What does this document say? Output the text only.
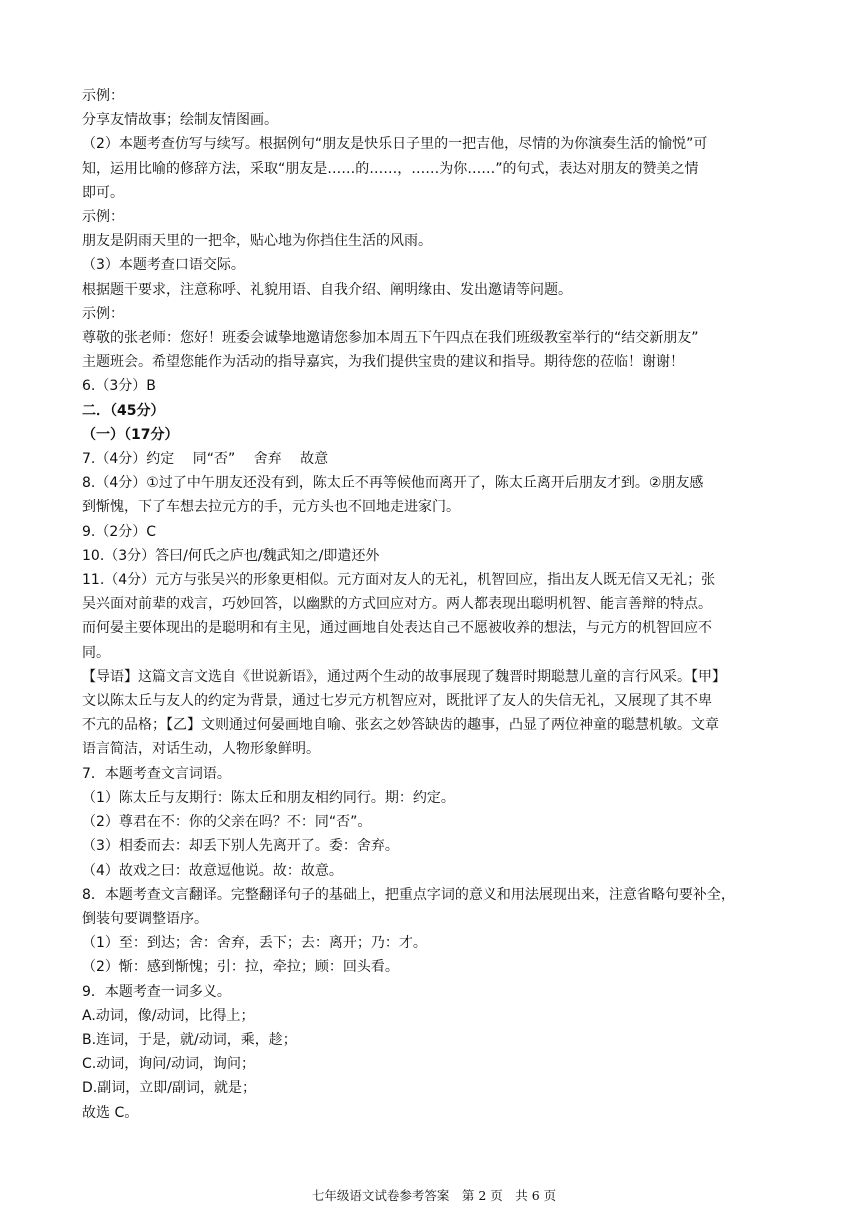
示例：
分享友情故事；绘制友情图画。
（2）本题考查仿写与续写。根据例句“朋友是快乐日子里的一把吉他，尽情的为你演奏生活的愉悦”可
知，运用比喻的修辞方法，采取“朋友是……的……，……为你……”的句式，表达对朋友的赞美之情
即可。
示例：
朋友是阴雨天里的一把伞，贴心地为你挡住生活的风雨。
（3）本题考查口语交际。
根据题干要求，注意称呼、礼貌用语、自我介绍、阐明缘由、发出邀请等问题。
示例：
尊敬的张老师：您好！班委会诚挚地邀请您参加本周五下午四点在我们班级教室举行的“结交新朋友”
主题班会。希望您能作为活动的指导嘉宾，为我们提供宝贵的建议和指导。期待您的莅临！谢谢！
6.（3分）B
二．（45分）
（一）（17分）
7.（4分）约定　 同“否”　 舍弃　 故意
8.（4分）①过了中午朋友还没有到，陈太丘不再等候他而离开了，陈太丘离开后朋友才到。②朋友感
到惭愧，下了车想去拉元方的手，元方头也不回地走进家门。
9.（2分）C
10.（3分）答曰/何氏之庐也/魏武知之/即遣还外
11.（4分）元方与张吴兴的形象更相似。元方面对友人的无礼，机智回应，指出友人既无信又无礼；张
吴兴面对前辈的戏言，巧妙回答，以幽默的方式回应对方。两人都表现出聪明机智、能言善辩的特点。
而何晏主要体现出的是聪明和有主见，通过画地自处表达自己不愿被收养的想法，与元方的机智回应不
同。
【导语】这篇文言文选自《世说新语》，通过两个生动的故事展现了魏晋时期聪慧儿童的言行风采。【甲】
文以陈太丘与友人的约定为背景，通过七岁元方机智应对，既批评了友人的失信无礼，又展现了其不卑
不亢的品格；【乙】文则通过何晏画地自喻、张玄之妙答缺齿的趣事，凸显了两位神童的聪慧机敏。文章
语言简洁，对话生动，人物形象鲜明。
7．本题考查文言词语。
（1）陈太丘与友期行：陈太丘和朋友相约同行。期：约定。
（2）尊君在不：你的父亲在吗？不：同“否”。
（3）相委而去：却丢下别人先离开了。委：舍弃。
（4）故戏之曰：故意逗他说。故：故意。
8．本题考查文言翻译。完整翻译句子的基础上，把重点字词的意义和用法展现出来，注意省略句要补全，
倒装句要调整语序。
（1）至：到达；舍：舍弃，丢下；去：离开；乃：才。
（2）惭：感到惭愧；引：拉，牵拉；顾：回头看。
9．本题考查一词多义。
A.动词，像/动词，比得上；
B.连词，于是，就/动词，乘，趁；
C.动词，询问/动词，询问；
D.副词，立即/副词，就是；
故选 C。
七年级语文试卷参考答案　第 2 页　共 6 页
